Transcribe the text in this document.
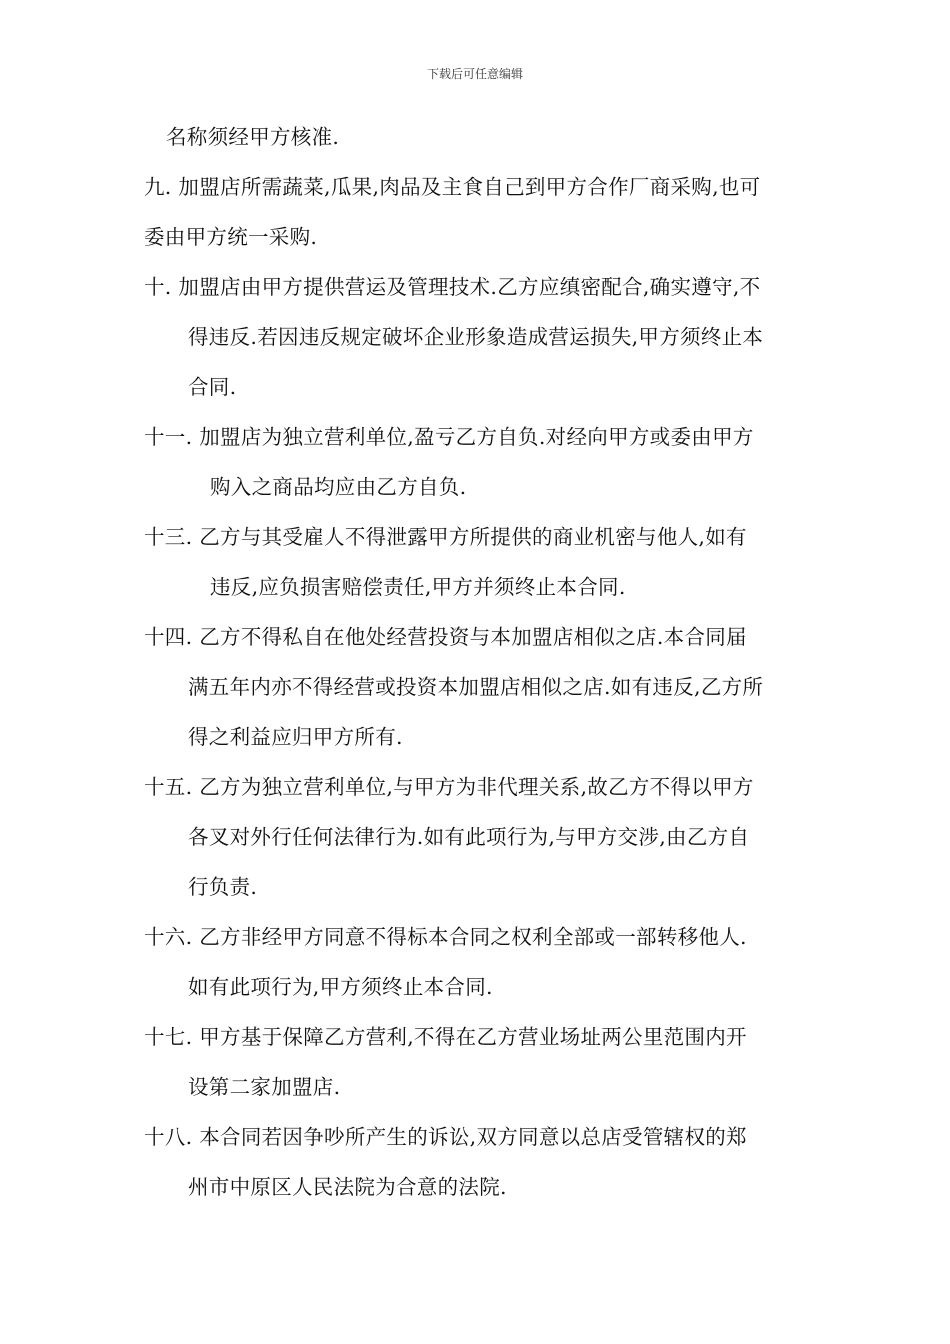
下载后可任意编辑
名称须经甲方核准.
九. 加盟店所需蔬菜,瓜果,肉品及主食自己到甲方合作厂商采购,也可
委由甲方统一采购.
十. 加盟店由甲方提供营运及管理技术.乙方应缜密配合,确实遵守,不
得违反.若因违反规定破坏企业形象造成营运损失,甲方须终止本
合同.
十一. 加盟店为独立营利单位,盈亏乙方自负.对经向甲方或委由甲方
购入之商品均应由乙方自负.
十三. 乙方与其受雇人不得泄露甲方所提供的商业机密与他人,如有
违反,应负损害赔偿责任,甲方并须终止本合同.
十四. 乙方不得私自在他处经营投资与本加盟店相似之店.本合同届
满五年内亦不得经营或投资本加盟店相似之店.如有违反,乙方所
得之利益应归甲方所有.
十五. 乙方为独立营利单位,与甲方为非代理关系,故乙方不得以甲方
各叉对外行任何法律行为.如有此项行为,与甲方交涉,由乙方自
行负责.
十六. 乙方非经甲方同意不得标本合同之权利全部或一部转移他人.
如有此项行为,甲方须终止本合同.
十七. 甲方基于保障乙方营利,不得在乙方营业场址两公里范围内开
设第二家加盟店.
十八. 本合同若因争吵所产生的诉讼,双方同意以总店受管辖权的郑
州市中原区人民法院为合意的法院.
